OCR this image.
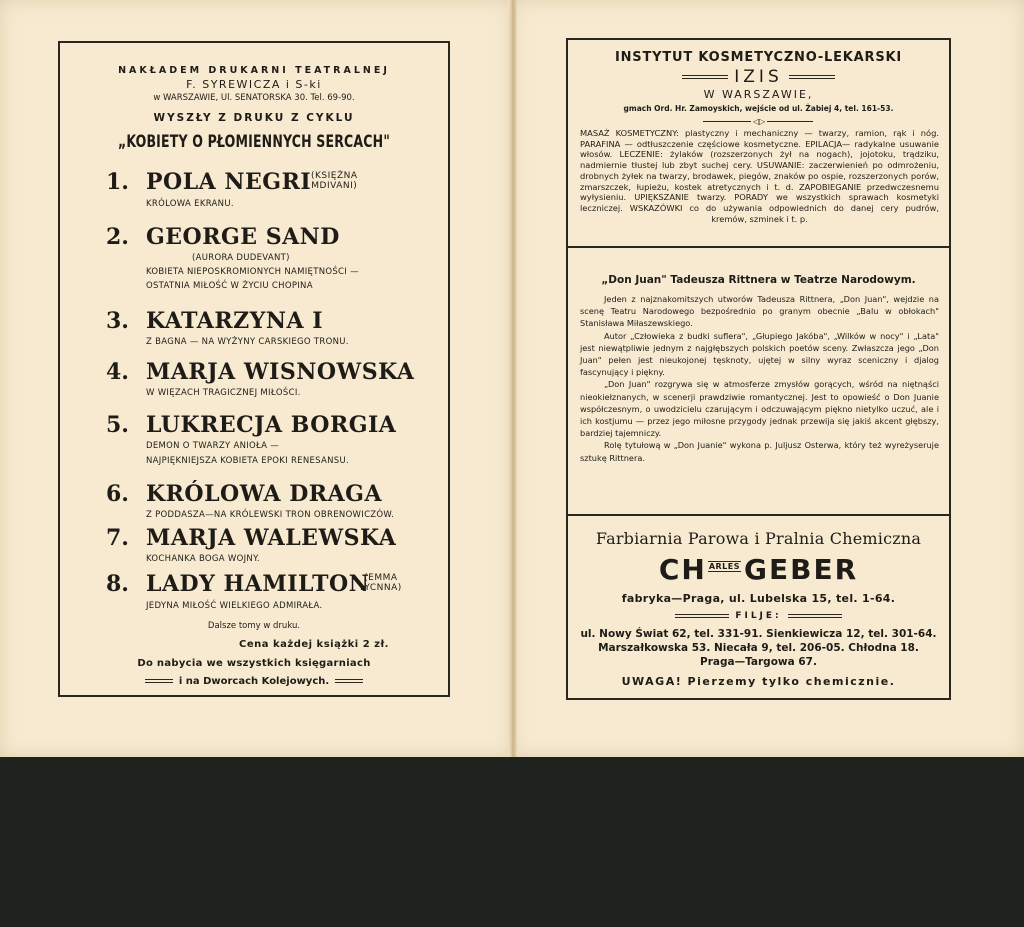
NAKŁADEM DRUKARNI TEATRALNEJ
F. SYREWICZA i S-ki
w WARSZAWIE, Ul. SENATORSKA 30. Tel. 69-90.
WYSZŁY Z DRUKU Z CYKLU
„KOBIETY O PŁOMIENNYCH SERCACH"
1. POLA NEGRI (KSIĘŻNA
MDIVANI)
KRÓLOWA EKRANU.
2. GEORGE SAND
(AURORA DUDEVANT)
KOBIETA NIEPOSKROMIONYCH NAMIĘTNOŚCI —
OSTATNIA MIŁOŚĆ W ŻYCIU CHOPINA
3. KATARZYNA I
Z BAGNA — NA WYŻYNY CARSKIEGO TRONU.
4. MARJA WISNOWSKA
W WIĘZACH TRAGICZNEJ MIŁOŚCI.
5. LUKRECJA BORGIA
DEMON O TWARZY ANIOŁA —
NAJPIĘKNIEJSZA KOBIETA EPOKI RENESANSU.
6. KRÓLOWA DRAGA
Z PODDASZA—NA KRÓLEWSKI TRON OBRENOWICZÓW.
7. MARJA WALEWSKA
KOCHANKA BOGA WOJNY.
8. LADY HAMILTON
(EMMA
LYCNNA)
JEDYNA MIŁOŚĆ WIELKIEGO ADMIRAŁA.
Dalsze tomy w druku.
Cena każdej książki 2 zł.
Do nabycia we wszystkich księgarniach
i na Dworcach Kolejowych.
INSTYTUT KOSMETYCZNO-LEKARSKI
IZIS
W WARSZAWIE,
gmach Ord. Hr. Zamoyskich, wejście od ul. Żabiej 4, tel. 161-53.
◁▷
MASAŻ KOSMETYCZNY: plastyczny i mechaniczny — twarzy, ramion, rąk i nóg. PARAFINA — odtłuszczenie częściowe kosmetyczne. EPILACJA— radykalne usuwanie włosów. LECZENIE: żylaków (rozszerzonych żył na nogach), jojotoku, trądziku, nadmiernie tłustej lub zbyt suchej cery. USUWANIE: zaczerwienień po odmrożeniu, drobnych żyłek na twarzy, brodawek, piegów, znaków po ospie, rozszerzonych porów, zmarszczek, łupieżu, kostek atretycznych i t. d. ZAPOBIEGANIE przedwczesnemu wyłysieniu. UPIĘKSZANIE twarzy. PORADY we wszystkich sprawach kosmetyki leczniczej. WSKAZÓWKI co do używania odpowiednich do danej cery pudrów, kremów, szminek i t. p.
„Don Juan" Tadeusza Rittnera w Teatrze Narodowym.

Jeden z najznakomitszych utworów Tadeusza Rittnera, „Don Juan", wejdzie na scenę Teatru Narodowego bezpośrednio po granym obecnie „Balu w obłokach" Stanisława Miłaszewskiego.

Autor „Człowieka z budki suflera", „Głupiego Jakóba", „Wilków w nocy" i „Lata" jest niewątpliwie jednym z najgłębszych polskich poetów sceny. Zwłaszcza jego „Don Juan" pełen jest nieukojonej tęsknoty, ujętej w silny wyraz sceniczny i djalog fascynujący i piękny.

„Don Juan" rozgrywa się w atmosferze zmysłów gorących, wśród na niętnąści nieokiełznanych, w scenerji prawdziwie romantycznej. Jest to opowieść o Don Juanie współczesnym, o uwodzicielu czarującym i odczuwającym piękno nietylko uczuć, ale i ich kostjumu — przez jego miłosne przygody jednak przewija się jakiś akcent głębszy, bardziej tajemniczy.

Rolę tytułową w „Don Juanie" wykona p. Juljusz Osterwa, który też wyreżyseruje sztukę Rittnera.

Farbiarnia Parowa i Pralnia Chemiczna
CH ARLES GEBER
fabryka—Praga, ul. Lubelska 15, tel. 1-64.
FILJE:
ul. Nowy Świat 62, tel. 331-91. Sienkiewicza 12, tel. 301-64.
Marszałkowska 53. Niecała 9, tel. 206-05. Chłodna 18.
Praga—Targowa 67.
UWAGA! Pierzemy tylko chemicznie.
